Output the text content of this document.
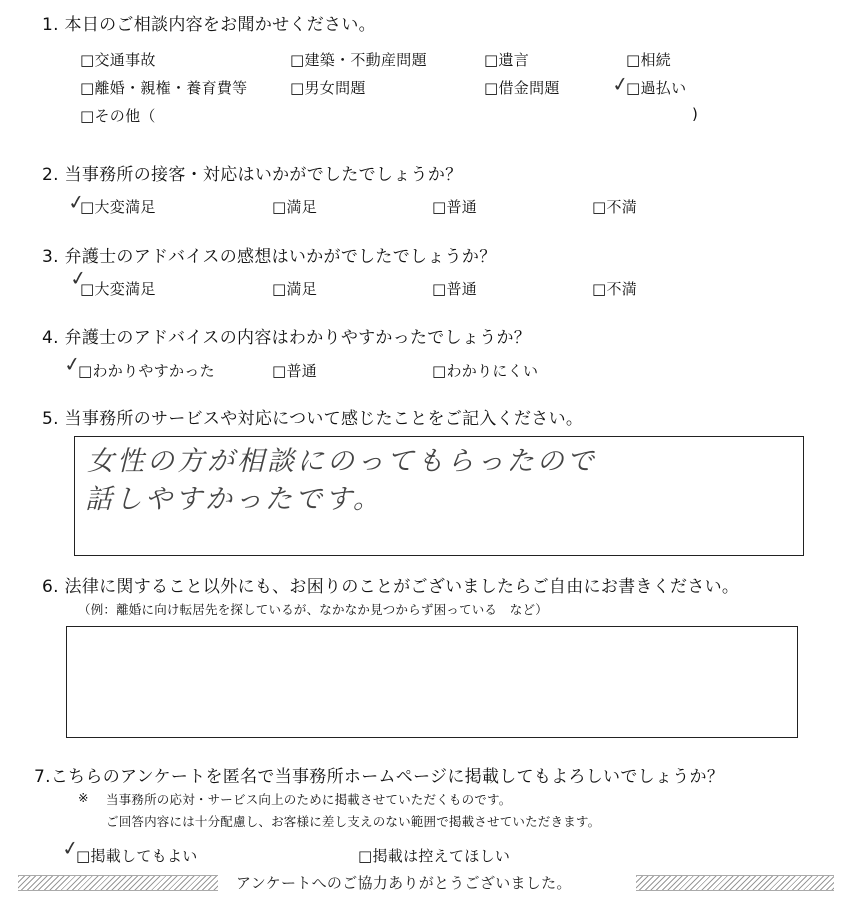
1. 本日のご相談内容をお聞かせください。
□交通事故	□建築・不動産問題	□遺言	□相続
□離婚・親権・養育費等	□男女問題	□借金問題	□過払い
✓
□その他（	)
2. 当事務所の接客・対応はいかがでしたでしょうか？
□大変満足	□満足	□普通	□不満
✓
3. 弁護士のアドバイスの感想はいかがでしたでしょうか？
□大変満足	□満足	□普通	□不満
✓
4. 弁護士のアドバイスの内容はわかりやすかったでしょうか？
□わかりやすかった	□普通	□わかりにくい
✓
5. 当事務所のサービスや対応について感じたことをご記入ください。
女性の方が相談にのってもらったので
話しやすかったです。
6. 法律に関すること以外にも、お困りのことがございましたらご自由にお書きください。
（例：離婚に向け転居先を探しているが、なかなか見つからず困っている　など）
7.こちらのアンケートを匿名で当事務所ホームページに掲載してもよろしいでしょうか？
※ 当事務所の応対・サービス向上のために掲載させていただくものです。
ご回答内容には十分配慮し、お客様に差し支えのない範囲で掲載させていただきます。
□掲載してもよい	□掲載は控えてほしい
✓
アンケートへのご協力ありがとうございました。
